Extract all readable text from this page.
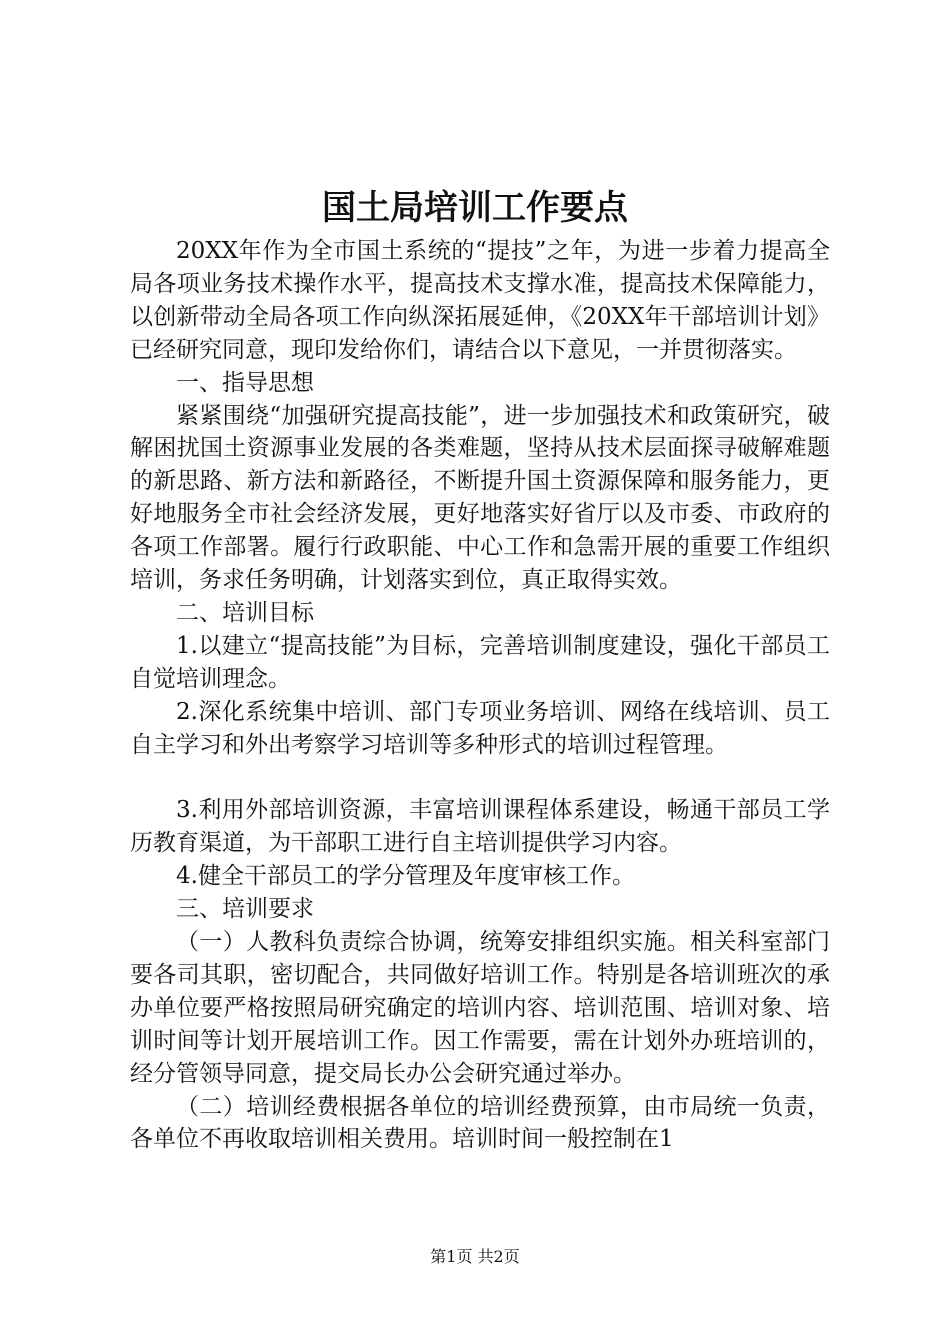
国土局培训工作要点

20XX年作为全市国土系统的“提技”之年，为进一步着力提高全局各项业务技术操作水平，提高技术支撑水准，提高技术保障能力，以创新带动全局各项工作向纵深拓展延伸，《20XX年干部培训计划》已经研究同意，现印发给你们，请结合以下意见，一并贯彻落实。

一、指导思想

紧紧围绕“加强研究提高技能”，进一步加强技术和政策研究，破解困扰国土资源事业发展的各类难题，坚持从技术层面探寻破解难题的新思路、新方法和新路径，不断提升国土资源保障和服务能力，更好地服务全市社会经济发展，更好地落实好省厅以及市委、市政府的各项工作部署。履行行政职能、中心工作和急需开展的重要工作组织培训，务求任务明确，计划落实到位，真正取得实效。

二、培训目标

1.以建立“提高技能”为目标，完善培训制度建设，强化干部员工自觉培训理念。

2.深化系统集中培训、部门专项业务培训、网络在线培训、员工自主学习和外出考察学习培训等多种形式的培训过程管理。

3.利用外部培训资源，丰富培训课程体系建设，畅通干部员工学历教育渠道，为干部职工进行自主培训提供学习内容。

4.健全干部员工的学分管理及年度审核工作。

三、培训要求

（一）人教科负责综合协调，统筹安排组织实施。相关科室部门要各司其职，密切配合，共同做好培训工作。特别是各培训班次的承办单位要严格按照局研究确定的培训内容、培训范围、培训对象、培训时间等计划开展培训工作。因工作需要，需在计划外办班培训的，经分管领导同意，提交局长办公会研究通过举办。

（二）培训经费根据各单位的培训经费预算，由市局统一负责，各单位不再收取培训相关费用。培训时间一般控制在1

第1页 共2页
